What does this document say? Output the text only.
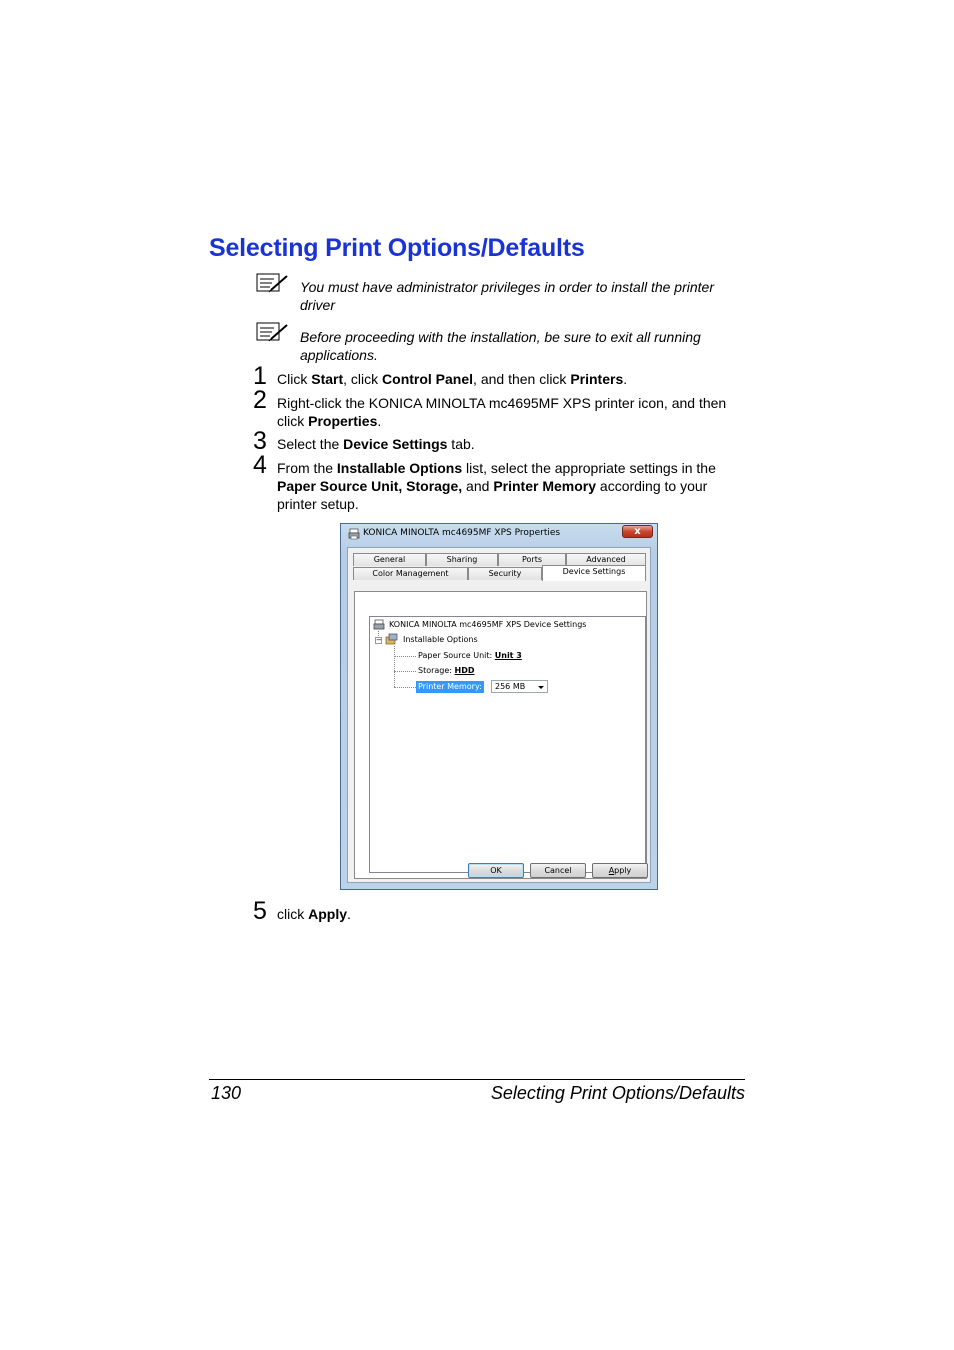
Selecting Print Options/Defaults
You must have administrator privileges in order to install the printer driver
Before proceeding with the installation, be sure to exit all running applications.
1 Click Start, click Control Panel, and then click Printers.
2 Right-click the KONICA MINOLTA mc4695MF XPS printer icon, and then click Properties.
3 Select the Device Settings tab.
4 From the Installable Options list, select the appropriate settings in the Paper Source Unit, Storage, and Printer Memory according to your printer setup.
KONICA MINOLTA mc4695MF XPS Properties	x
General	Sharing	Ports	Advanced
Color Management	Security
KONICA MINOLTA mc4695MF XPS Device Settings
−	Installable Options
Paper Source Unit: Unit 3
Storage: HDD
Printer Memory:	256 MB
Device Settings
OK	Cancel	Apply
5 click Apply.
130	Selecting Print Options/Defaults
